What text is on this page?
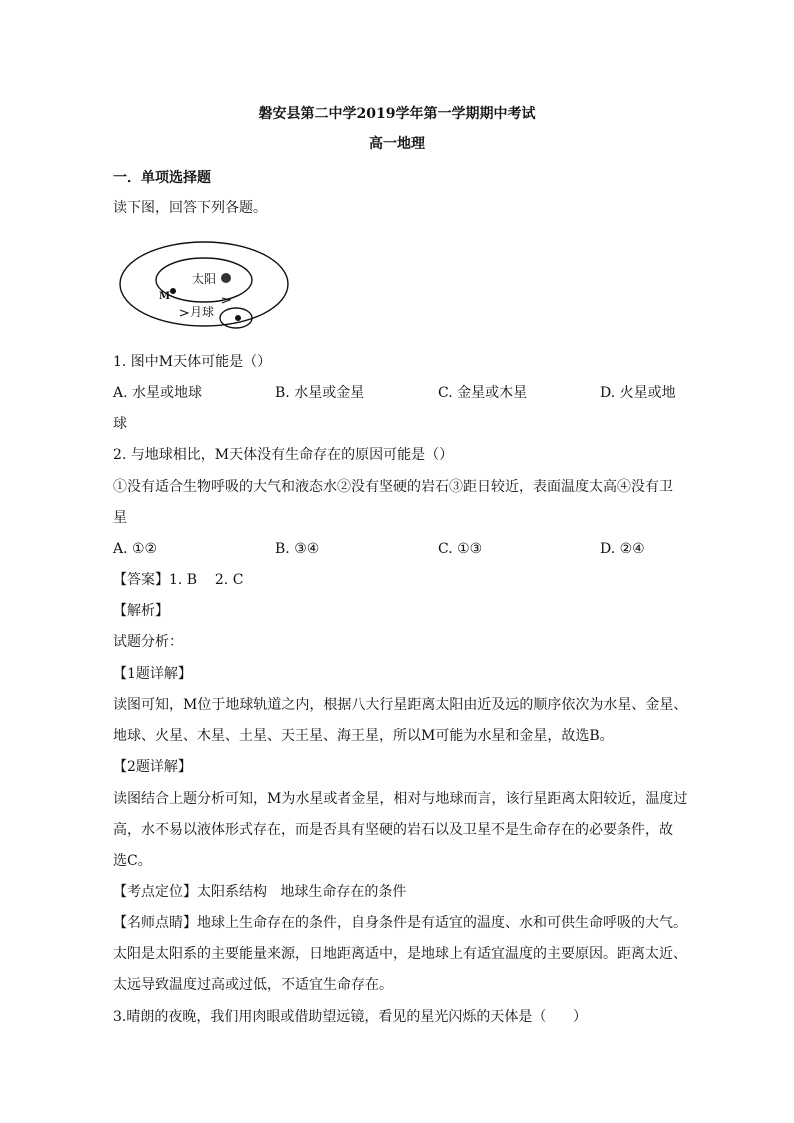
磐安县第二中学2019学年第一学期期中考试
高一地理
一．单项选择题
读下图，回答下列各题。
太阳
M
月球
1. 图中M天体可能是（）
A. 水星或地球	B. 水星或金星	C. 金星或木星	D. 火星或地
球
2. 与地球相比，M天体没有生命存在的原因可能是（）
①没有适合生物呼吸的大气和液态水②没有坚硬的岩石③距日较近，表面温度太高④没有卫
星
A. ①②	B. ③④	C. ①③	D. ②④
【答案】1. B    2. C
【解析】
试题分析：
【1题详解】
读图可知，M位于地球轨道之内，根据八大行星距离太阳由近及远的顺序依次为水星、金星、
地球、火星、木星、土星、天王星、海王星，所以M可能为水星和金星，故选B。
【2题详解】
读图结合上题分析可知，M为水星或者金星，相对与地球而言，该行星距离太阳较近，温度过
高，水不易以液体形式存在，而是否具有坚硬的岩石以及卫星不是生命存在的必要条件，故
选C。
【考点定位】太阳系结构   地球生命存在的条件
【名师点睛】地球上生命存在的条件，自身条件是有适宜的温度、水和可供生命呼吸的大气。
太阳是太阳系的主要能量来源，日地距离适中，是地球上有适宜温度的主要原因。距离太近、
太远导致温度过高或过低，不适宜生命存在。
3.晴朗的夜晚，我们用肉眼或借助望远镜，看见的星光闪烁的天体是（      ）
